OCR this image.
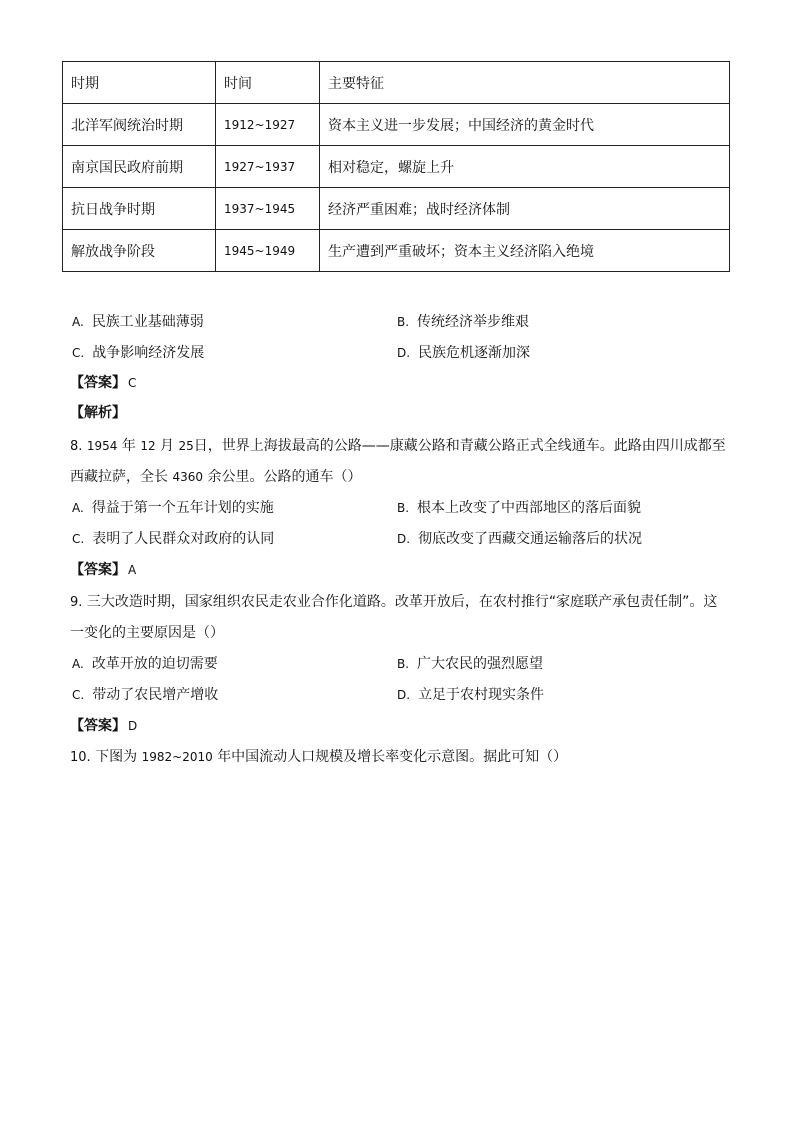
时期	时间	主要特征
北洋军阀统治时期	1912~1927	资本主义进一步发展；中国经济的黄金时代
南京国民政府前期	1927~1937	相对稳定，螺旋上升
抗日战争时期	1937~1945	经济严重困难；战时经济体制
解放战争阶段	1945~1949	生产遭到严重破坏；资本主义经济陷入绝境
A. 民族工业基础薄弱	B. 传统经济举步维艰
C. 战争影响经济发展	D. 民族危机逐渐加深
【答案】 C
【解析】
8. 1954 年 12 月 25日，世界上海拔最高的公路——康藏公路和青藏公路正式全线通车。此路由四川成都至
西藏拉萨，全长 4360 余公里。公路的通车（）
A. 得益于第一个五年计划的实施	B. 根本上改变了中西部地区的落后面貌
C. 表明了人民群众对政府的认同	D. 彻底改变了西藏交通运输落后的状况
【答案】 A
9. 三大改造时期，国家组织农民走农业合作化道路。改革开放后，在农村推行“家庭联产承包责任制”。这
一变化的主要原因是（）
A. 改革开放的迫切需要	B. 广大农民的强烈愿望
C. 带动了农民增产增收	D. 立足于农村现实条件
【答案】 D
10. 下图为 1982~2010 年中国流动人口规模及增长率变化示意图。据此可知（）
